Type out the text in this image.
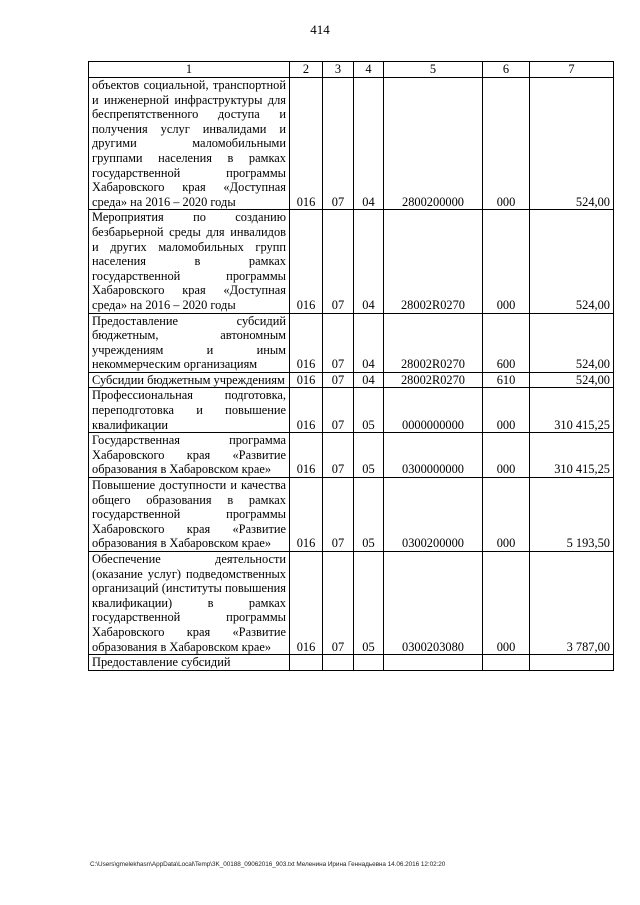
414
1	2	3	4	5	6	7
объектов социальной, транспортной и инженерной инфраструктуры для беспрепятственного доступа и получения услуг инвалидами и другими маломобильными группами населения в рамках государственной программы Хабаровского края «Доступная среда» на 2016 – 2020 годы	016	07	04	2800200000	000	524,00
Мероприятия по созданию безбарьерной среды для инвалидов и других маломобильных групп населения в рамках государственной программы Хабаровского края «Доступная среда» на 2016 – 2020 годы	016	07	04	28002R0270	000	524,00
Предоставление субсидий бюджетным, автономным учреждениям и иным некоммерческим организациям	016	07	04	28002R0270	600	524,00
Субсидии бюджетным учреждениям	016	07	04	28002R0270	610	524,00
Профессиональная подготовка, переподготовка и повышение квалификации	016	07	05	0000000000	000	310 415,25
Государственная программа Хабаровского края «Развитие образования в Хабаровском крае»	016	07	05	0300000000	000	310 415,25
Повышение доступности и качества общего образования в рамках государственной программы Хабаровского края «Развитие образования в Хабаровском крае»	016	07	05	0300200000	000	5 193,50
Обеспечение деятельности (оказание услуг) подведомственных организаций (институты повышения квалификации) в рамках государственной программы Хабаровского края «Развитие образования в Хабаровском крае»	016	07	05	0300203080	000	3 787,00
Предоставление субсидий						
C:\Users\gmelekhasn\AppData\Local\Temp\3K_00188_09062016_903.txt Меленина Ирина Геннадьевна 14.06.2016 12:02:20
